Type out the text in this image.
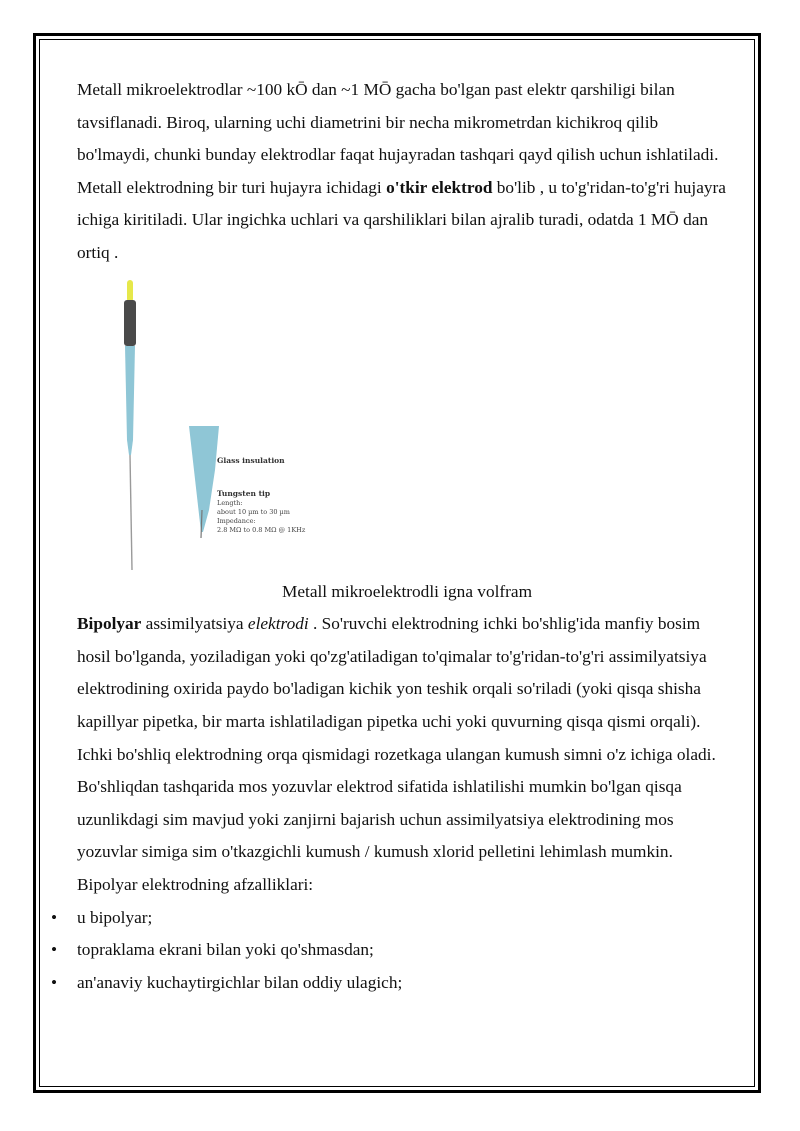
Metall mikroelektrodlar ~100 kŌ dan ~1 MŌ gacha bo'lgan past elektr qarshiligi bilan tavsiflanadi. Biroq, ularning uchi diametrini bir necha mikrometrdan kichikroq qilib bo'lmaydi, chunki bunday elektrodlar faqat hujayradan tashqari qayd qilish uchun ishlatiladi.

Metall elektrodning bir turi hujayra ichidagi o'tkir elektrod bo'lib , u to'g'ridan-to'g'ri hujayra ichiga kiritiladi. Ular ingichka uchlari va qarshiliklari bilan ajralib turadi, odatda 1 MŌ dan ortiq .

Glass insulation
Tungsten tip
Length:
about 10 µm to 30 µm
Impedance:
2.8 MΩ to 0.8 MΩ @ 1KHz

Metall mikroelektrodli igna volfram

Bipolyar assimilyatsiya elektrodi . So'ruvchi elektrodning ichki bo'shlig'ida manfiy bosim hosil bo'lganda, yoziladigan yoki qo'zg'atiladigan to'qimalar to'g'ridan-to'g'ri assimilyatsiya elektrodining oxirida paydo bo'ladigan kichik yon teshik orqali so'riladi (yoki qisqa shisha kapillyar pipetka, bir marta ishlatiladigan pipetka uchi yoki quvurning qisqa qismi orqali). Ichki bo'shliq elektrodning orqa qismidagi rozetkaga ulangan kumush simni o'z ichiga oladi. Bo'shliqdan tashqarida mos yozuvlar elektrod sifatida ishlatilishi mumkin bo'lgan qisqa uzunlikdagi sim mavjud yoki zanjirni bajarish uchun assimilyatsiya elektrodining mos yozuvlar simiga sim o'tkazgichli kumush / kumush xlorid pelletini lehimlash mumkin.

Bipolyar elektrodning afzalliklari:

• u bipolyar;
• topraklama ekrani bilan yoki qo'shmasdan;
• an'anaviy kuchaytirgichlar bilan oddiy ulagich;
